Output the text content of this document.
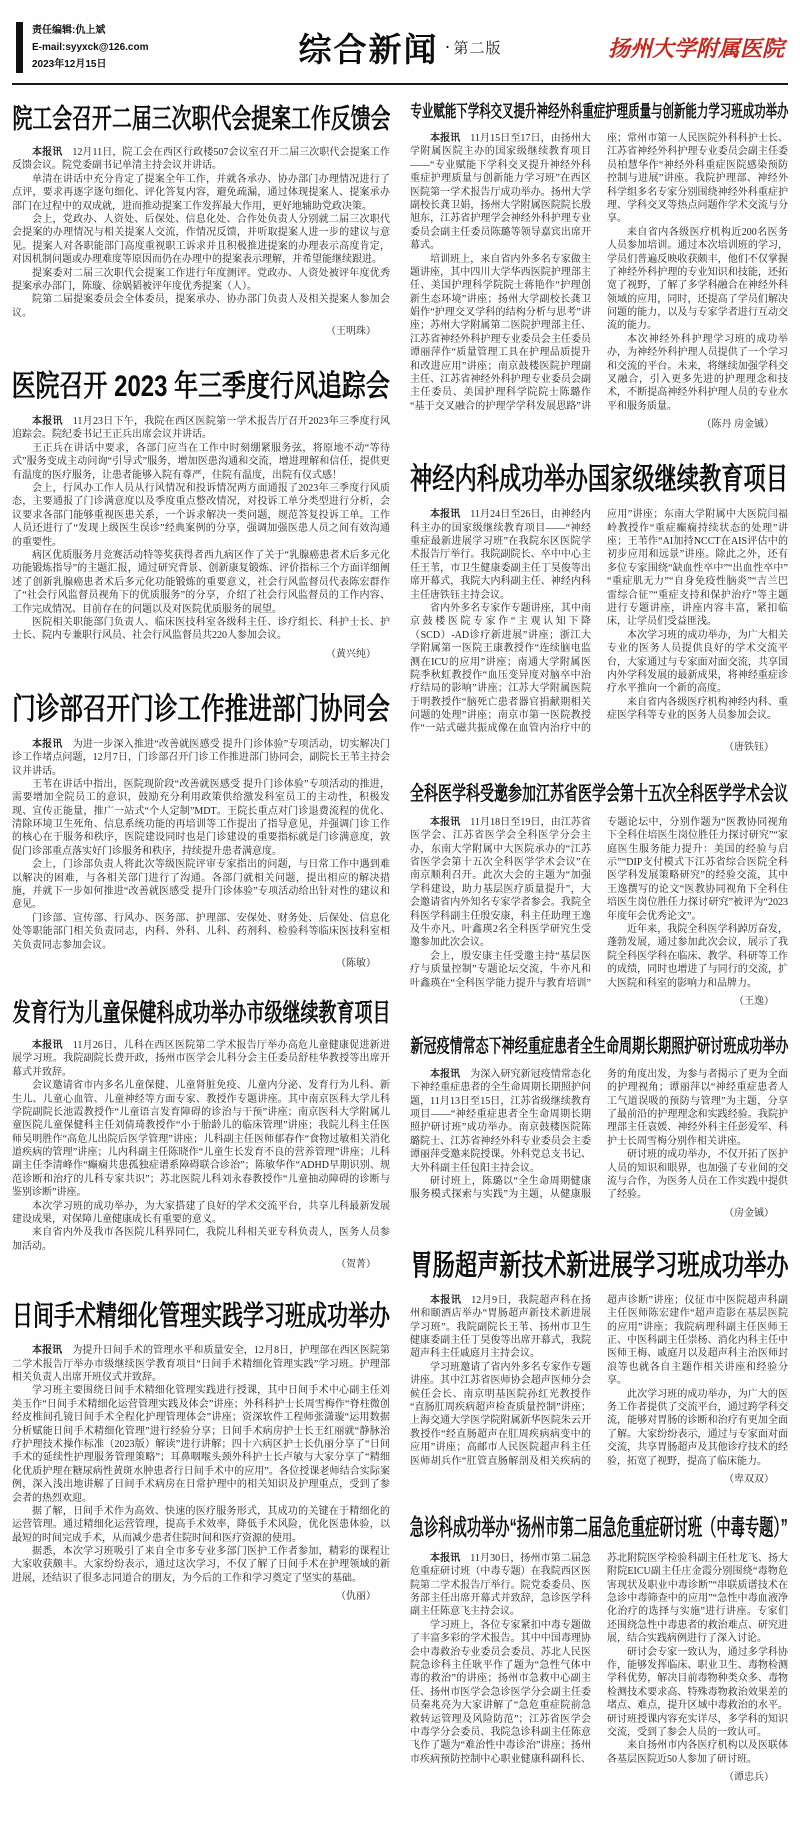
责任编辑:仇上斌
E-mail:syyxck@126.com
2023年12月15日	综合新闻 · 第二版	扬州大学附属医院
院工会召开二届三次职代会提案工作反馈会

本报讯 12月11日，院工会在西区行政楼507会议室召开二届三次职代会提案工作反馈会议。院党委副书记单清主持会议并讲话。

单清在讲话中充分肯定了提案全年工作，并就各承办、协办部门办理情况进行了点评，要求再逐字逐句细化、评化答复内容，避免疏漏，通过体现提案人、提案承办部门在过程中的双成就，进而推动提案工作发挥最大作用，更好地辅助党政决策。

会上，党政办、人资处、后保处、信息化处、合作处负责人分别就二届三次职代会提案的办理情况与相关提案人交流，作情况反馈，并听取提案人进一步的建议与意见。提案人对各职能部门高度重视职工诉求并且积极推进提案的办理表示高度肯定，对因机制问题或办理难度等原因而仍在办理中的提案表示理解，并希望能继续跟进。

提案委对二届三次职代会提案工作进行年度测评。党政办、人资处被评年度优秀提案承办部门，陈璇、徐娲韬被评年度优秀提案（人）。

院第二届提案委员会全体委员，提案承办、协办部门负责人及相关提案人参加会议。

（王明珠）
医院召开 2023 年三季度行风追踪会

本报讯 11月23日下午，我院在西区医院第一学术报告厅召开2023年三季度行风追踪会。院纪委书记王正兵出席会议并讲话。

王正兵在讲话中要求，各部门应当在工作中时刻绷紧服务弦，将原地不动“等待式”服务变成主动问询“引导式”服务，增加医患沟通和交流，增进理解和信任，提供更有温度的医疗服务，让患者能够入院有尊严，住院有温度，出院有仪式感！

会上，行风办工作人员从行风情况和投诉情况两方面通报了2023年三季度行风质态，主要通报了门诊满意度以及季度重点整改情况，对投诉工单分类型进行分析，会议要求各部门能够重视医患关系，一个诉求解决一类问题，规范答复投诉工单。工作人员还进行了“发现上级医生误诊”经典案例的分享，强调加强医患人员之间有效沟通的重要性。

病区优质服务月竞赛活动特等奖获得者西九病区作了关于“乳腺癌患者术后多元化功能锻炼指导”的主题汇报，通过研究背景、创新康复锻炼、评价指标三个方面详细阐述了创新乳腺癌患者术后多元化功能锻炼的重要意义，社会行风监督员代表陈宏群作了“社会行风监督员视角下的优质服务”的分享，介绍了社会行风监督员的工作内容、工作完成情况、目前存在的问题以及对医院优质服务的展望。

医院相关职能部门负责人、临床医技科室各级科主任、诊疗组长、科护士长、护士长、院内专兼职行风员、社会行风监督员共220人参加会议。

（黄兴纯）
门诊部召开门诊工作推进部门协同会

本报讯 为进一步深入推进“改善就医感受 提升门诊体验”专项活动，切实解决门诊工作堵点问题，12月7日，门诊部召开门诊工作推进部门协同会，副院长王苇主持会议并讲话。

王苇在讲话中指出，医院现阶段“改善就医感受 提升门诊体验”专项活动的推进，需要增加全院员工的意识，鼓励充分利用政策供给激发科室员工的主动性，积极发现、宣传正能量，推广一站式“个人定制”MDT。王院长重点对门诊退费流程的优化、清除环境卫生死角、信息系统功能的再培训等工作提出了指导意见，并强调门诊工作的核心在于服务和秩序，医院建设同时也是门诊建设的重要指标就是门诊满意度，敦促门诊部重点落实好门诊服务和秩序，持续提升患者满意度。

会上，门诊部负责人将此次等级医院评审专家指出的问题，与日常工作中遇到难以解决的困难，与各相关部门进行了沟通。各部门就相关问题，提出相应的解决措施，并就下一步如何推进“改善就医感受 提升门诊体验”专项活动给出针对性的建议和意见。

门诊部、宣传部、行风办、医务部、护理部、安保处、财务处、后保处、信息化处等职能部门相关负责同志，内科、外科、儿科、药剂科、检验科等临床医技科室相关负责同志参加会议。

（陈敏）
发育行为儿童保健科成功举办市级继续教育项目

本报讯 11月26日，儿科在西区医院第二学术报告厅举办高危儿童健康促进新进展学习班。我院副院长费开政，扬州市医学会儿科分会主任委员舒桂华教授等出席开幕式并致辞。

会议邀请省市内多名儿童保健、儿童肾脏免疫、儿童内分泌、发育行为儿科、新生儿、儿童心血管、儿童神经等方面专家、教授作专题讲座。其中南京医科大学儿科学院副院长池霞教授作“儿童语言发育障碍的诊治与干预”讲座；南京医科大学附属儿童医院儿童保健科主任刘倩琦教授作“小于胎龄儿的临床管理”讲座；我院儿科主任医师吴明胜作“高危儿出院后医学管理”讲座；儿科副主任医师郁春作“食物过敏相关消化道疾病的管理”讲座；儿内科副主任陈晓作“儿童生长发育不良的营养管理”讲座；儿科副主任李清峰作“癫痫共患孤独症谱系障碍联合诊治”；陈敏华作“ADHD早期识别、规范诊断和治疗的儿科专家共识”；苏北医院儿科刘永春教授作“儿童抽动障碍的诊断与鉴别诊断”讲座。

本次学习班的成功举办，为大家搭建了良好的学术交流平台，共享儿科最新发展建设成果，对保障儿童健康成长有重要的意义。

来自省内外及我市各医院儿科界同仁，我院儿科相关亚专科负责人，医务人员参加活动。

（贺菁）
日间手术精细化管理实践学习班成功举办

本报讯 为提升日间手术的管理水平和质量安全，12月8日，护理部在西区医院第二学术报告厅举办市级继续医学教育项目“日间手术精细化管理实践”学习班。护理部相关负责人出席开班仪式并致辞。

学习班主要围绕日间手术精细化管理实践进行授课，其中日间手术中心副主任刘美玉作“日间手术精细化运营管理实践及体会”讲座；外科科护士长周雪梅作“脊柱微创经皮椎间孔镜日间手术全程化护理管理体会”讲座；资深软件工程师张潇璇“运用数据分析赋能日间手术精细化管理”进行经验分享；日间手术病房护士长王红丽就“静脉治疗护理技术操作标准（2023版）解读”进行讲解；四十六病区护士长仇丽分享了“日间手术的延续性护理服务管理策略”；耳鼻咽喉头颈外科护士长卢敏与大家分享了“精细化优质护理在糖尿病性黄斑水肿患者行日间手术中的应用”。各位授课老师结合实际案例，深入浅出地讲解了日间手术病房在日常护理中的相关知识及护理重点，受到了参会者的热烈欢迎。

据了解，日间手术作为高效、快速的医疗服务形式，其成功的关键在于精细化的运营管理。通过精细化运营管理，提高手术效率，降低手术风险，优化医患体验，以最短的时间完成手术，从而减少患者住院时间和医疗资源的使用。

据悉，本次学习班吸引了来自全市多专业多部门医护工作者参加，精彩的课程让大家收获颇丰。大家纷纷表示，通过这次学习，不仅了解了日间手术在护理领域的新进展，还结识了很多志同道合的朋友，为今后的工作和学习奠定了坚实的基础。

（仇丽）
专业赋能下学科交叉提升神经外科重症护理质量与创新能力学习班成功举办

本报讯 11月15日至17日，由扬州大学附属医院主办的国家级继续教育项目——“专业赋能下学科交叉提升神经外科重症护理质量与创新能力学习班”在西区医院第一学术报告厅成功举办。扬州大学副校长龚卫娟，扬州大学附属医院院长殷旭东，江苏省护理学会神经外科护理专业委员会副主任委员陈璐等领导嘉宾出席开幕式。

培训班上，来自省内外多名专家做主题讲座，其中四川大学华西医院护理部主任、美国护理科学院院士蒋艳作“护理创新生态环境”讲座；扬州大学副校长龚卫娟作“护理交叉学科的结构分析与思考”讲座；苏州大学附属第二医院护理部主任、江苏省神经外科护理专业委员会主任委员谭丽萍作“质量管理工具在护理品质提升和改进应用”讲座；南京鼓楼医院护理副主任、江苏省神经外科护理专业委员会副主任委员、美国护理科学院院士陈璐作“基于交叉融合的护理学学科发展思路”讲座；常州市第一人民医院外科科护士长、江苏省神经外科护理专业委员会副主任委员柏慧华作“神经外科重症医院感染预防控制与进展”讲座。我院护理部、神经外科学组多名专家分别围绕神经外科重症护理、学科交叉等热点问题作学术交流与分享。

来自省内各级医疗机构近200名医务人员参加培训。通过本次培训班的学习，学员们普遍反映收获颇丰，他们不仅掌握了神经外科护理的专业知识和技能，还拓宽了视野，了解了多学科融合在神经外科领域的应用，同时，还提高了学员们解决问题的能力，以及与专家学者进行互动交流的能力。

本次神经外科护理学习班的成功举办，为神经外科护理人员提供了一个学习和交流的平台。未来，将继续加强学科交叉融合，引入更多先进的护理理念和技术，不断提高神经外科护理人员的专业水平和服务质量。

（陈丹 房金铖）
神经内科成功举办国家级继续教育项目

本报讯 11月24日至26日，由神经内科主办的国家级继续教育项目——“神经重症最新进展学习班”在我院东区医院学术报告厅举行。我院副院长、卒中中心主任王苇，市卫生健康委副主任丁昊俊等出席开幕式，我院大内科副主任、神经内科主任唐铁钰主持会议。

省内外多名专家作专题讲座，其中南京鼓楼医院专家作“主观认知下降（SCD）-AD诊疗新进展”讲座；浙江大学附属第一医院王康教授作“连续脑电监测在ICU的应用”讲座；南通大学附属医院季秋虹教授作“血压变异度对脑卒中治疗结局的影响”讲座；江苏大学附属医院于明教授作“脑死亡患者器官捐献期相关问题的处理”讲座；南京市第一医院教授作“一站式磁共振成像在血管内治疗中的应用”讲座；东南大学附属中大医院闫福岭教授作“重症癫痫持续状态的处理”讲座；王苇作“AI加持NCCT在AIS评估中的初步应用和远景”讲座。除此之外，还有多位专家围绕“缺血性卒中”“出血性卒中”“重症肌无力”“自身免疫性脑炎”“吉兰巴雷综合征”“重症支持和保护治疗”等主题进行专题讲座，讲座内容丰富，紧扣临床，让学员们受益匪浅。

本次学习班的成功举办，为广大相关专业的医务人员提供良好的学术交流平台，大家通过与专家面对面交流，共享国内外学科发展的最新成果，将神经重症诊疗水平推向一个新的高度。

来自省内各级医疗机构神经内科、重症医学科等专业的医务人员参加会议。

（唐铁钰）
全科医学科受邀参加江苏省医学会第十五次全科医学学术会议

本报讯 11月18日至19日，由江苏省医学会、江苏省医学会全科医学分会主办，东南大学附属中大医院承办的“江苏省医学会第十五次全科医学学术会议”在南京顺利召开。此次大会的主题为“加强学科建设，助力基层医疗质量提升”，大会邀请省内外知名专家学者参会。我院全科医学科副主任殷安康，科主任助理王逸及牛亦凡、叶鑫瑛2名全科医学研究生受邀参加此次会议。

会上，殷安康主任受邀主持“基层医疗与质量控制”专题论坛交流，牛亦凡和叶鑫瑛在“全科医学能力提升与教育培训”专题论坛中，分别作题为“医教协同视角下全科住培医生岗位胜任力探讨研究”“家庭医生服务能力提升：美国的经验与启示”“DIP支付模式下江苏省综合医院全科医学科发展策略研究”的经验交流，其中王逸撰写的论文“医教协同视角下全科住培医生岗位胜任力探讨研究”被评为“2023年度年会优秀论文”。

近年来，我院全科医学科踔厉奋发，蓬勃发展，通过参加此次会议，展示了我院全科医学科在临床、教学、科研等工作的成绩，同时也增进了与同行的交流，扩大医院和科室的影响力和品牌力。

（王逸）
新冠疫情常态下神经重症患者全生命周期长期照护研讨班成功举办

本报讯 为深入研究新冠疫情常态化下神经重症患者的全生命周期长期照护问题，11月13日至15日，江苏省级继续教育项目——“神经重症患者全生命周期长期照护研讨班”成功举办。南京鼓楼医院陈璐院士、江苏省神经外科专业委员会主委谭丽萍受邀来院授课。外科党总支书记、大外科副主任包阳主持会议。

研讨班上，陈璐以“全生命周期健康服务模式探索与实践”为主题，从健康服务的角度出发，为参与者揭示了更为全面的护理视角；谭丽萍以“神经重症患者人工气道误吸的预防与管理”为主题，分享了最前沿的护理理念和实践经验。我院护理部主任袁媛、神经外科主任彭爱军、科护士长周雪梅分别作相关讲座。

研讨班的成功举办，不仅开拓了医护人员的知识和眼界，也加强了专业间的交流与合作，为医务人员在工作实践中提供了经验。

（房金铖）
胃肠超声新技术新进展学习班成功举办

本报讯 12月9日，我院超声科在扬州和颐酒店举办“胃肠超声新技术新进展学习班”。我院副院长王苇、扬州市卫生健康委副主任丁昊俊等出席开幕式，我院超声科主任戚庭月主持会议。

学习班邀请了省内外多名专家作专题讲座。其中江苏省医师协会超声医师分会候任会长、南京明基医院孙红光教授作“直肠肛周疾病超声检查质量控制”讲座；上海交通大学医学院附属新华医院朱云开教授作“经直肠超声在肛周疾病病变中的应用”讲座；高邮市人民医院超声科主任医师胡兵作“肛管直肠解剖及相关疾病的超声诊断”讲座；仪征市中医院超声科副主任医师陈宏建作“超声造影在基层医院的应用”讲座；我院病理科副主任医师王正、中医科副主任崇杨、消化内科主任中医师王梅、戚庭月以及超声科主治医师封浪等也就各自主题作相关讲座和经验分享。

此次学习班的成功举办，为广大的医务工作者提供了交流平台，通过跨学科交流，能够对胃肠的诊断和治疗有更加全面了解。大家纷纷表示，通过与专家面对面交流，共享胃肠超声及其他诊疗技术的经验，拓宽了视野，提高了临床能力。

（卑双双）
急诊科成功举办“扬州市第二届急危重症研讨班（中毒专题）”

本报讯 11月30日，扬州市第二届急危重症研讨班（中毒专题）在我院西区医院第二学术报告厅举行。院党委委员、医务部主任出席开幕式并致辞，急诊医学科副主任陈意飞主持会议。

学习班上，各位专家紧扣中毒专题做了丰富多彩的学术报告。其中中国毒理协会中毒救治专业委员会委员、苏北人民医院急诊科主任耿平作了题为“急性气体中毒的救治”的讲座；扬州市急救中心副主任、扬州市医学会急诊医学分会副主任委员秦兆亮为大家讲解了“急危重症院前急救转运管理及风险防范”；江苏省医学会中毒学分会委员、我院急诊科副主任陈意飞作了题为“难治性中毒诊治”讲座；扬州市疾病预防控制中心职业健康科副科长、苏北附院医学检验科副主任杜龙飞、扬大附院EICU副主任庄金霞分别围绕“毒物危害现状及职业中毒诊断”“串联质谱技术在急诊中毒筛查中的应用”“急性中毒血液净化治疗的选择与实施”进行讲座。专家们还围绕急性中毒患者的救治难点、研究进展，结合实践病例进行了深入讨论。

研讨会专家一致认为，通过多学科协作，能够发挥临床、职业卫生、毒物检测学科优势，解决目前毒物种类众多、毒物检测技术要求高、特殊毒物救治效果差的堵点、难点，提升区域中毒救治的水平。研讨班授课内容充实详尽，多学科的知识交流，受到了参会人员的一致认可。

来自扬州市内各医疗机构以及医联体各基层医院近50人参加了研讨班。

（谭忠兵）
